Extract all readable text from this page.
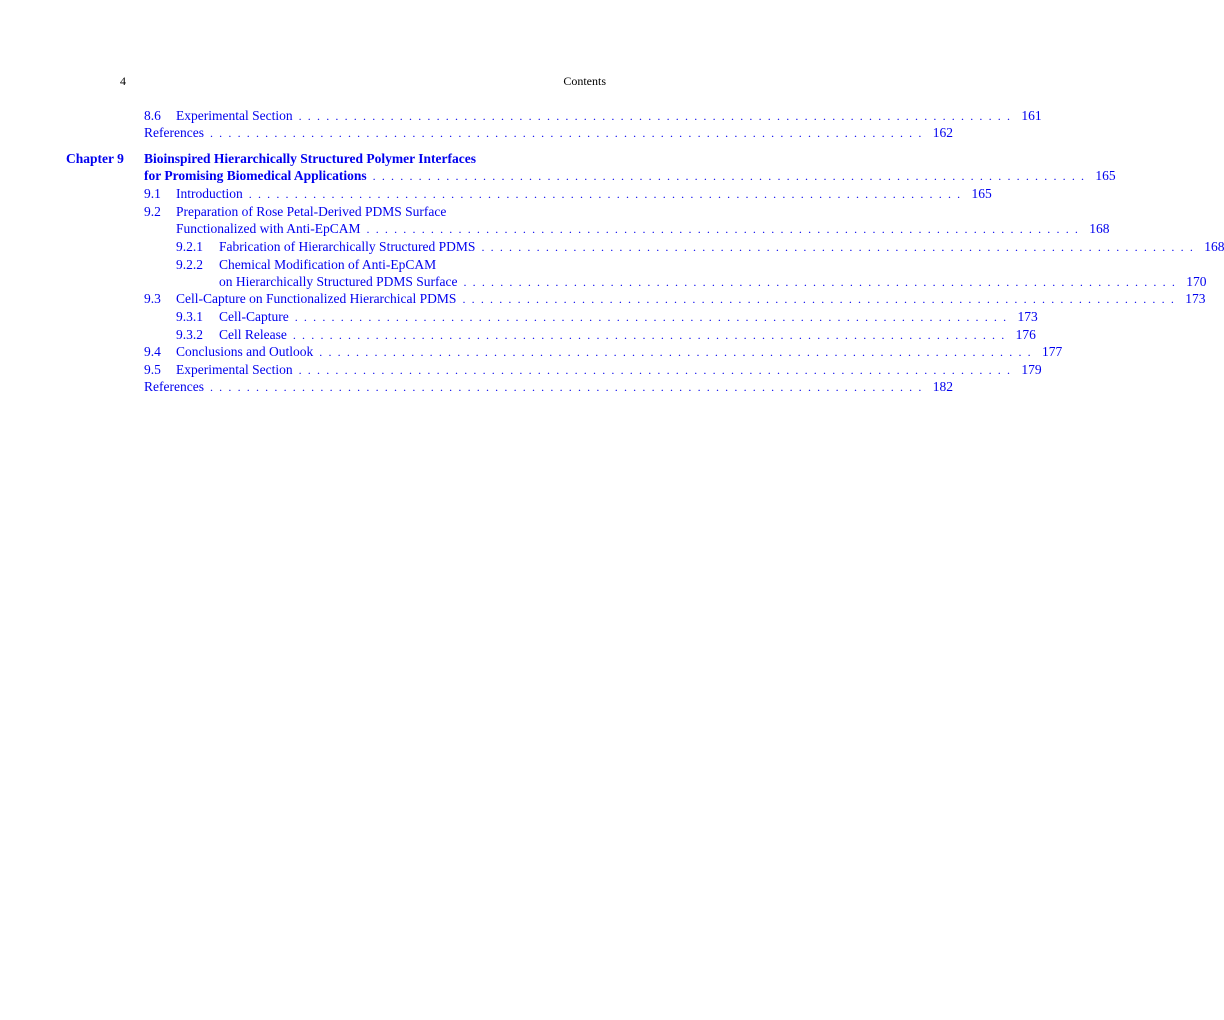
4	Contents
8.6 Experimental Section . . . . . . . . . . . . . . . . . . . . . . . . . . . . . . . . . . . . . . . . . . . . . . . . . . . . . . . . . . . . . . . . . . . . . . . . . . . . . . 161
References . . . . . . . . . . . . . . . . . . . . . . . . . . . . . . . . . . . . . . . . . . . . . . . . . . . . . . . . . . . . . . . . . . . . . . . . . . . . . . 162
Chapter 9 Bioinspired Hierarchically Structured Polymer Interfaces
for Promising Biomedical Applications . . . . . . . . . . . . . . . . . . . . . . . . . . . . . . . . . . . . . . . . . . . . . . . . . . . . . . . . . . . . . . . . . . . . . . . . . . . . . . 165
9.1 Introduction . . . . . . . . . . . . . . . . . . . . . . . . . . . . . . . . . . . . . . . . . . . . . . . . . . . . . . . . . . . . . . . . . . . . . . . . . . . . . . 165
9.2 Preparation of Rose Petal-Derived PDMS Surface
Functionalized with Anti-EpCAM . . . . . . . . . . . . . . . . . . . . . . . . . . . . . . . . . . . . . . . . . . . . . . . . . . . . . . . . . . . . . . . . . . . . . . . . . . . . . . 168
9.2.1 Fabrication of Hierarchically Structured PDMS . . . . . . . . . . . . . . . . . . . . . . . . . . . . . . . . . . . . . . . . . . . . . . . . . . . . . . . . . . . . . . . . . . . . . . . . . . . . . . 168
9.2.2 Chemical Modification of Anti-EpCAM
on Hierarchically Structured PDMS Surface . . . . . . . . . . . . . . . . . . . . . . . . . . . . . . . . . . . . . . . . . . . . . . . . . . . . . . . . . . . . . . . . . . . . . . . . . . . . . . 170
9.3 Cell-Capture on Functionalized Hierarchical PDMS . . . . . . . . . . . . . . . . . . . . . . . . . . . . . . . . . . . . . . . . . . . . . . . . . . . . . . . . . . . . . . . . . . . . . . . . . . . . . . 173
9.3.1 Cell-Capture . . . . . . . . . . . . . . . . . . . . . . . . . . . . . . . . . . . . . . . . . . . . . . . . . . . . . . . . . . . . . . . . . . . . . . . . . . . . . . 173
9.3.2 Cell Release . . . . . . . . . . . . . . . . . . . . . . . . . . . . . . . . . . . . . . . . . . . . . . . . . . . . . . . . . . . . . . . . . . . . . . . . . . . . . . 176
9.4 Conclusions and Outlook . . . . . . . . . . . . . . . . . . . . . . . . . . . . . . . . . . . . . . . . . . . . . . . . . . . . . . . . . . . . . . . . . . . . . . . . . . . . . . 177
9.5 Experimental Section . . . . . . . . . . . . . . . . . . . . . . . . . . . . . . . . . . . . . . . . . . . . . . . . . . . . . . . . . . . . . . . . . . . . . . . . . . . . . . 179
References . . . . . . . . . . . . . . . . . . . . . . . . . . . . . . . . . . . . . . . . . . . . . . . . . . . . . . . . . . . . . . . . . . . . . . . . . . . . . . 182
